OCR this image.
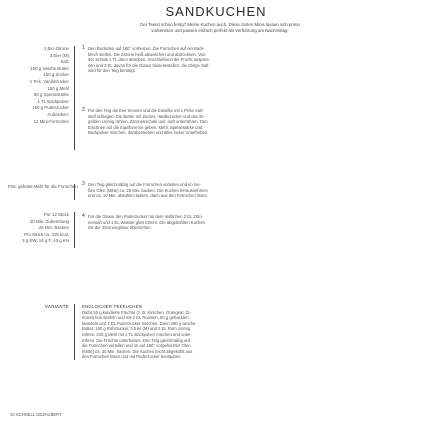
SANDKUCHEN
Der Teeist schon fertig? Meine Kuchen auch. Diese zarten Minis lassen sich prima
vorbereiten und passen einfach perfekt als Verführung am Nachmittag.
1 Bio-Zitrone
3 Eier (M)
Salz
150 g weiche Butter
150 g Zucker
1 Pck. Vanillezucker
150 g Mehl
50 g Speisestärke
1 TL Backpulver
150 g Puderzucker
Außerdem:
12 Mini-Formchen
Fett, gefettet Mehl für die Formchen
Für 12 Stück
30 Min. Zubereitung
25 Min. Backen
Pro Stück ca. 315 kcal,
3 g EW, 14 g F, 43 g KH
1 Den Backofen auf 180° vorheizen. Die Formchen auf ein Back-
blech stellen. Die Zitrone heiß abwaschen und abtrocknen. Von
der Schale 1 TL dünn abreiben. Anschließend die Frucht auspres-
sen und 2 EL davon für die Glasur beiseitestellen, die übrige Saft
wird für den Teig benötigt.
2 Für den Teig die Eier trennen und die Eiweiße mit 1 Prise Salz
steif schlagen. Die Butter mit Zucker, Vanillezucker und den Ei-
gelben cremig rühren. Zitronenschale und -saft unterrühren. Den
Eischnee auf die Eigelbcreme geben. Mehl, Speisestärke und
Backpulver mischen, darübersieben und alles locker unterheben.
3 Den Teig gleichmäßig auf die Formchen verteilen und im hei-
ßen Ofen (Mitte) ca. 25 Min. backen. Die Kuchen herausnehmen
und ca. 10 Min. abkühlen lassen, dann aus den Formchen lösen.
4 Für die Glasur den Puderzucker mit dem restlichen 2 EL Zitro-
nensaft und 1 EL Wasser glatt rühren. Die abgekühlten Kuchen
mit der Zitronenglasur überziehen.
VARIANTE	ENGLISCHER TEEKUCHEN
Dafür 50 g kandierte Früchte (z. B. Kirschen, Orangeat, Zi-
tronat) fein würfeln und mit 2 EL Rosinen, 50 g gehackten
Mandeln und 1 EL Puderzucker mischen. Dann 180 g weiche
Butter, 180 g Rohrzucker, 3 Eier (M) und 3 EL Rum cremig
rühren. 225 g Mehl mit 1 TL Backpulver mischen und unter-
rühren. Die Früchte unterheben. Den Teig gleichmäßig auf
die Formchen verteilen und im auf 180° vorgeheizten Ofen
(Mitte) ca. 30 Min. backen. Die Kuchen leicht abgekühlt aus
den Formchen lösen und mit Puderzucker bestäuben.
10 SCHNELL GEZAUBERT
